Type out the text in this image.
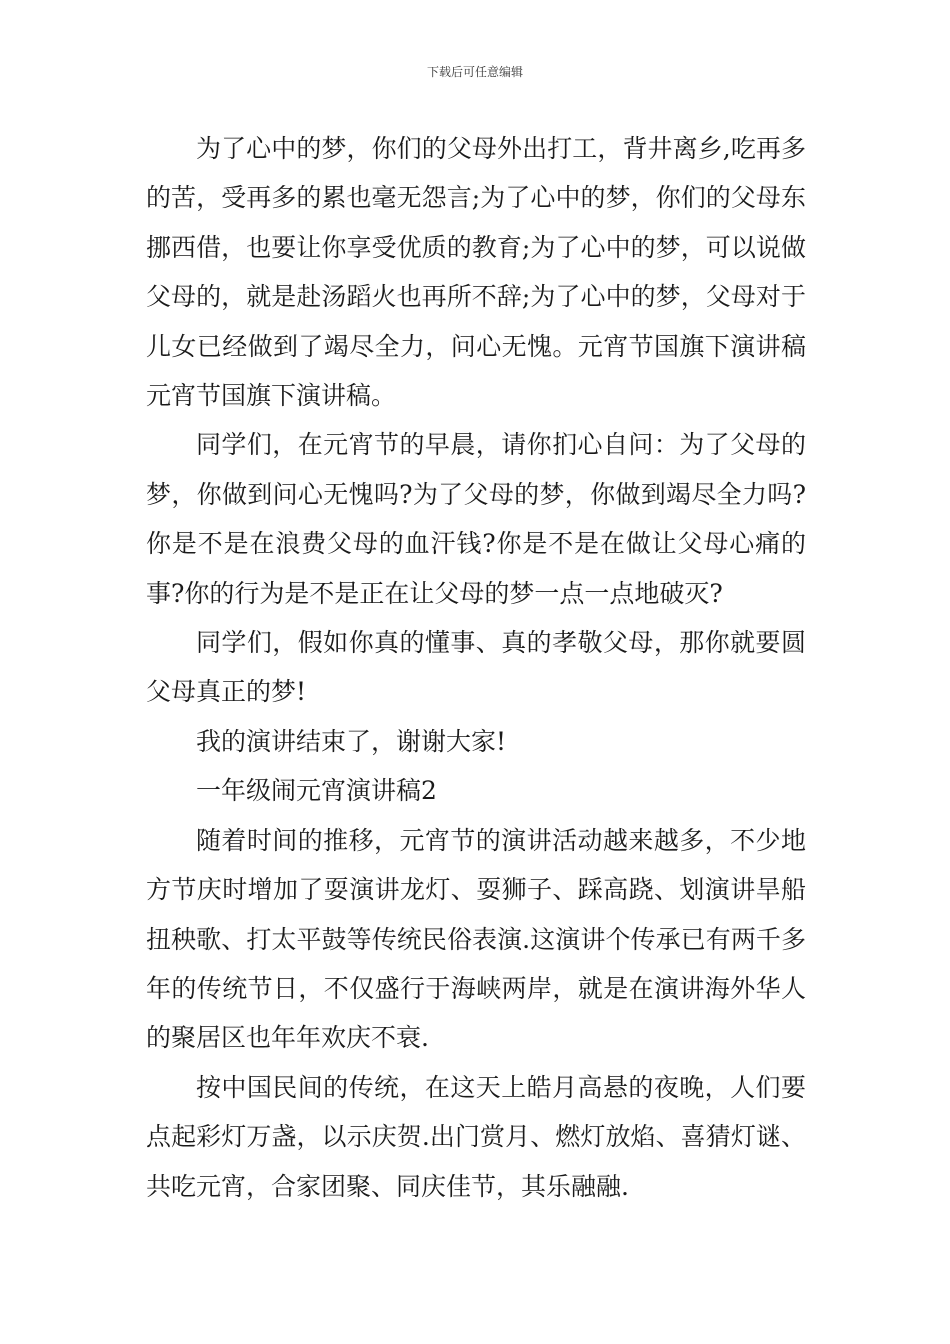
下载后可任意编辑

为了心中的梦，你们的父母外出打工，背井离乡,吃再多的苦，受再多的累也毫无怨言;为了心中的梦，你们的父母东挪西借，也要让你享受优质的教育;为了心中的梦，可以说做父母的，就是赴汤蹈火也再所不辞;为了心中的梦，父母对于儿女已经做到了竭尽全力，问心无愧。元宵节国旗下演讲稿元宵节国旗下演讲稿。

同学们，在元宵节的早晨，请你扪心自问：为了父母的梦，你做到问心无愧吗?为了父母的梦，你做到竭尽全力吗?你是不是在浪费父母的血汗钱?你是不是在做让父母心痛的事?你的行为是不是正在让父母的梦一点一点地破灭?

同学们，假如你真的懂事、真的孝敬父母，那你就要圆父母真正的梦!

我的演讲结束了，谢谢大家!

一年级闹元宵演讲稿2

随着时间的推移，元宵节的演讲活动越来越多，不少地方节庆时增加了耍演讲龙灯、耍狮子、踩高跷、划演讲旱船扭秧歌、打太平鼓等传统民俗表演.这演讲个传承已有两千多年的传统节日，不仅盛行于海峡两岸，就是在演讲海外华人的聚居区也年年欢庆不衰.

按中国民间的传统，在这天上皓月高悬的夜晚，人们要点起彩灯万盏，以示庆贺.出门赏月、燃灯放焰、喜猜灯谜、共吃元宵，合家团聚、同庆佳节，其乐融融.
